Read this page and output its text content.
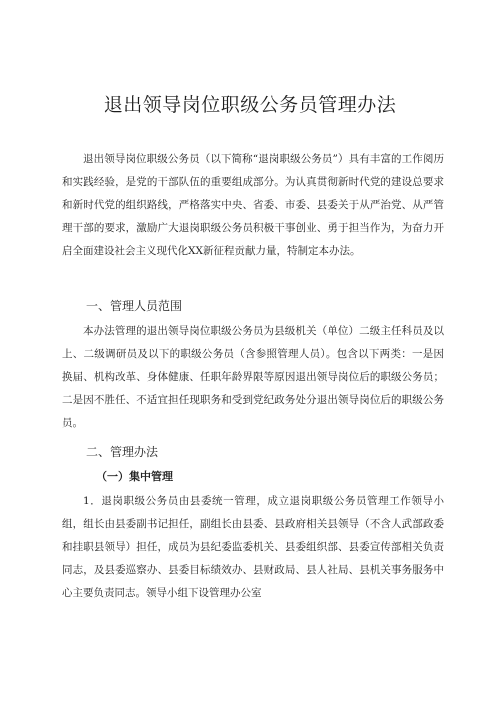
退出领导岗位职级公务员管理办法

退出领导岗位职级公务员（以下简称“退岗职级公务员”）具有丰富的工作阅历和实践经验，是党的干部队伍的重要组成部分。为认真贯彻新时代党的建设总要求和新时代党的组织路线，严格落实中央、省委、市委、县委关于从严治党、从严管理干部的要求，激励广大退岗职级公务员积极干事创业、勇于担当作为，为奋力开启全面建设社会主义现代化XX新征程贡献力量，特制定本办法。

一、管理人员范围

本办法管理的退出领导岗位职级公务员为县级机关（单位）二级主任科员及以上、二级调研员及以下的职级公务员（含参照管理人员）。包含以下两类：一是因换届、机构改革、身体健康、任职年龄界限等原因退出领导岗位后的职级公务员；二是因不胜任、不适宜担任现职务和受到党纪政务处分退出领导岗位后的职级公务员。

二、管理办法
（一）集中管理

1．退岗职级公务员由县委统一管理，成立退岗职级公务员管理工作领导小组，组长由县委副书记担任，副组长由县委、县政府相关县领导（不含人武部政委和挂职县领导）担任，成员为县纪委监委机关、县委组织部、县委宣传部相关负责同志，及县委巡察办、县委目标绩效办、县财政局、县人社局、县机关事务服务中心主要负责同志。领导小组下设管理办公室
